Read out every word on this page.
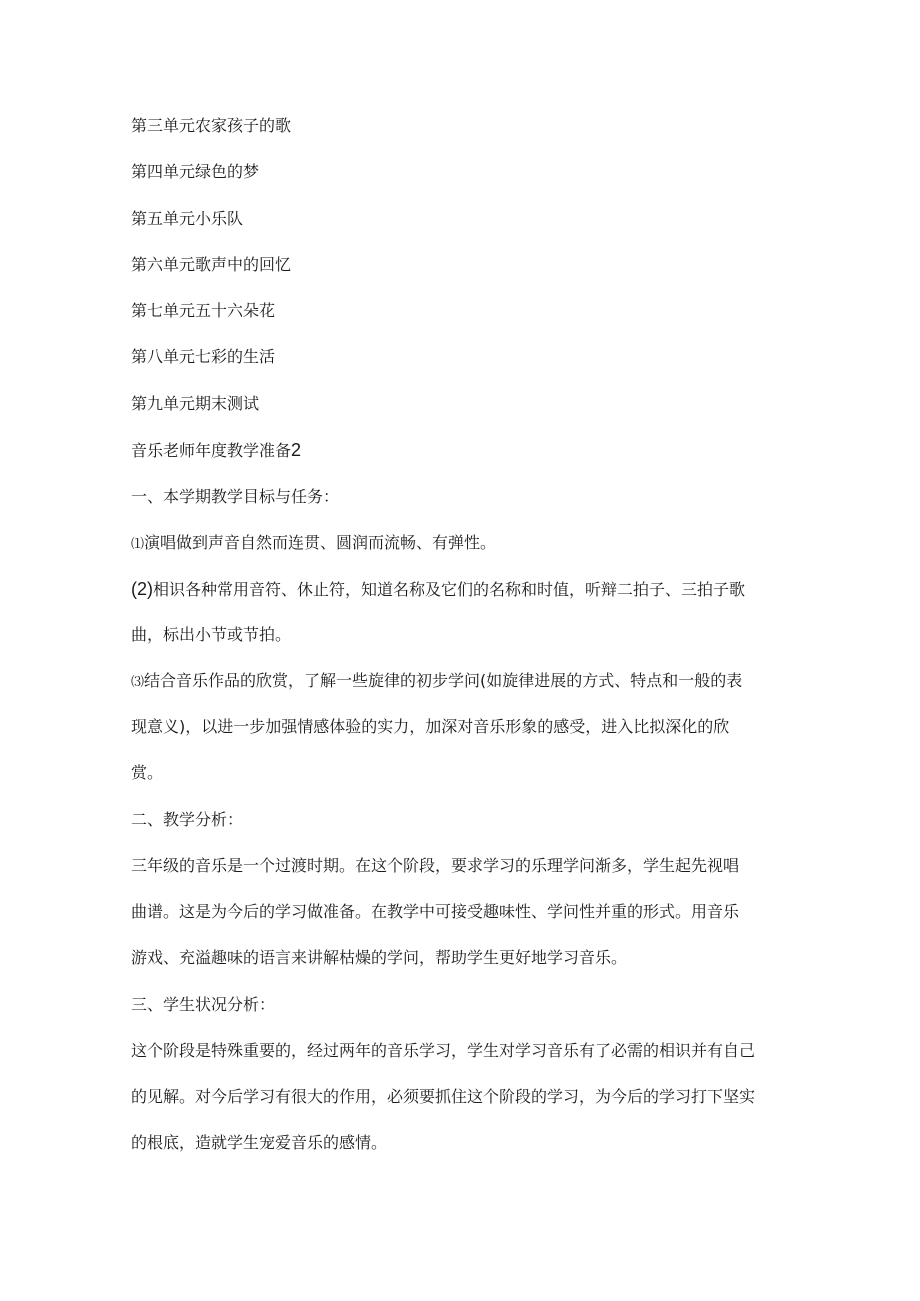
第三单元农家孩子的歌
第四单元绿色的梦
第五单元小乐队
第六单元歌声中的回忆
第七单元五十六朵花
第八单元七彩的生活
第九单元期末测试
音乐老师年度教学准备2
一、本学期教学目标与任务：
⑴演唱做到声音自然而连贯、圆润而流畅、有弹性。
(2)相识各种常用音符、休止符，知道名称及它们的名称和时值，听辩二拍子、三拍子歌
曲，标出小节或节拍。
⑶结合音乐作品的欣赏，了解一些旋律的初步学问(如旋律进展的方式、特点和一般的表
现意义)，以进一步加强情感体验的实力，加深对音乐形象的感受，进入比拟深化的欣
赏。
二、教学分析：
三年级的音乐是一个过渡时期。在这个阶段，要求学习的乐理学问渐多，学生起先视唱
曲谱。这是为今后的学习做准备。在教学中可接受趣味性、学问性并重的形式。用音乐
游戏、充溢趣味的语言来讲解枯燥的学问，帮助学生更好地学习音乐。
三、学生状况分析：
这个阶段是特殊重要的，经过两年的音乐学习，学生对学习音乐有了必需的相识并有自己
的见解。对今后学习有很大的作用，必须要抓住这个阶段的学习，为今后的学习打下坚实
的根底，造就学生宠爱音乐的感情。
